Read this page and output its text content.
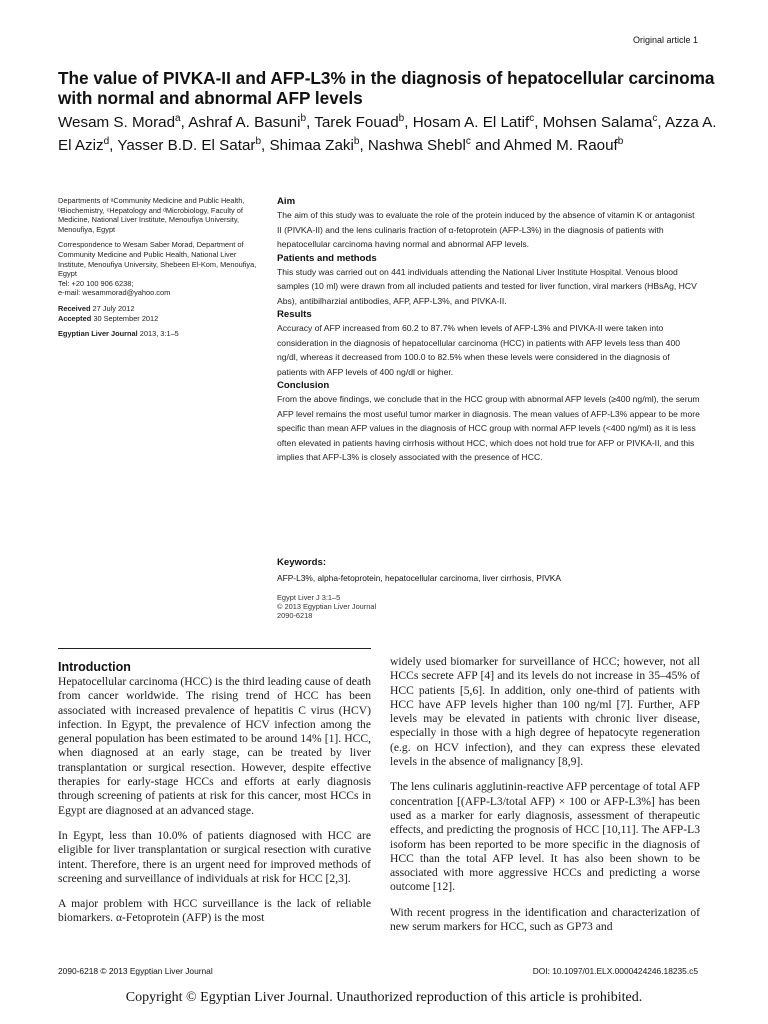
Original article 1
The value of PIVKA-II and AFP-L3% in the diagnosis of hepatocellular carcinoma with normal and abnormal AFP levels
Wesam S. Morad$^a$, Ashraf A. Basuni$^b$, Tarek Fouad$^b$, Hosam A. El Latif$^c$, Mohsen Salama$^c$, Azza A. El Aziz$^d$, Yasser B.D. El Satar$^b$, Shimaa Zaki$^b$, Nashwa Shebl$^c$ and Ahmed M. Raouf$^b$

Departments of ᵃCommunity Medicine and Public Health, ᵇBiochemistry, ᶜHepatology and ᵈMicrobiology, Faculty of Medicine, National Liver Institute, Menoufiya University, Menoufiya, Egypt

Correspondence to Wesam Saber Morad, Department of Community Medicine and Public Health, National Liver Institute, Menoufiya University, Shebeen El-Kom, Menoufiya, Egypt
Tel: +20 100 906 6238;
e-mail: wesammorad@yahoo.com

Received 27 July 2012
Accepted 30 September 2012

Egyptian Liver Journal 2013, 3:1–5

Aim

The aim of this study was to evaluate the role of the protein induced by the absence of vitamin K or antagonist II (PIVKA-II) and the lens culinaris fraction of α-fetoprotein (AFP-L3%) in the diagnosis of patients with hepatocellular carcinoma having normal and abnormal AFP levels.

Patients and methods

This study was carried out on 441 individuals attending the National Liver Institute Hospital. Venous blood samples (10 ml) were drawn from all included patients and tested for liver function, viral markers (HBsAg, HCV Abs), antibilharzial antibodies, AFP, AFP-L3%, and PIVKA-II.

Results

Accuracy of AFP increased from 60.2 to 87.7% when levels of AFP-L3% and PIVKA-II were taken into consideration in the diagnosis of hepatocellular carcinoma (HCC) in patients with AFP levels less than 400 ng/dl, whereas it decreased from 100.0 to 82.5% when these levels were considered in the diagnosis of patients with AFP levels of 400 ng/dl or higher.

Conclusion

From the above findings, we conclude that in the HCC group with abnormal AFP levels (≥400 ng/ml), the serum AFP level remains the most useful tumor marker in diagnosis. The mean values of AFP-L3% appear to be more specific than mean AFP values in the diagnosis of HCC group with normal AFP levels (<400 ng/ml) as it is less often elevated in patients having cirrhosis without HCC, which does not hold true for AFP or PIVKA-II, and this implies that AFP-L3% is closely associated with the presence of HCC.

Keywords:
AFP-L3%, alpha-fetoprotein, hepatocellular carcinoma, liver cirrhosis, PIVKA
Egypt Liver J 3:1–5
© 2013 Egyptian Liver Journal
2090-6218
Introduction

Hepatocellular carcinoma (HCC) is the third leading cause of death from cancer worldwide. The rising trend of HCC has been associated with increased prevalence of hepatitis C virus (HCV) infection. In Egypt, the prevalence of HCV infection among the general population has been estimated to be around 14% [1]. HCC, when diagnosed at an early stage, can be treated by liver transplantation or surgical resection. However, despite effective therapies for early-stage HCCs and efforts at early diagnosis through screening of patients at risk for this cancer, most HCCs in Egypt are diagnosed at an advanced stage.

In Egypt, less than 10.0% of patients diagnosed with HCC are eligible for liver transplantation or surgical resection with curative intent. Therefore, there is an urgent need for improved methods of screening and surveillance of individuals at risk for HCC [2,3].

A major problem with HCC surveillance is the lack of reliable biomarkers. α-Fetoprotein (AFP) is the most

widely used biomarker for surveillance of HCC; however, not all HCCs secrete AFP [4] and its levels do not increase in 35–45% of HCC patients [5,6]. In addition, only one-third of patients with HCC have AFP levels higher than 100 ng/ml [7]. Further, AFP levels may be elevated in patients with chronic liver disease, especially in those with a high degree of hepatocyte regeneration (e.g. on HCV infection), and they can express these elevated levels in the absence of malignancy [8,9].

The lens culinaris agglutinin-reactive AFP percentage of total AFP concentration [(AFP-L3/total AFP) × 100 or AFP-L3%] has been used as a marker for early diagnosis, assessment of therapeutic effects, and predicting the prognosis of HCC [10,11]. The AFP-L3 isoform has been reported to be more specific in the diagnosis of HCC than the total AFP level. It has also been shown to be associated with more aggressive HCCs and predicting a worse outcome [12].

With recent progress in the identification and characterization of new serum markers for HCC, such as GP73 and

2090-6218 © 2013 Egyptian Liver Journal	DOI: 10.1097/01.ELX.0000424246.18235.c5
Copyright © Egyptian Liver Journal. Unauthorized reproduction of this article is prohibited.
